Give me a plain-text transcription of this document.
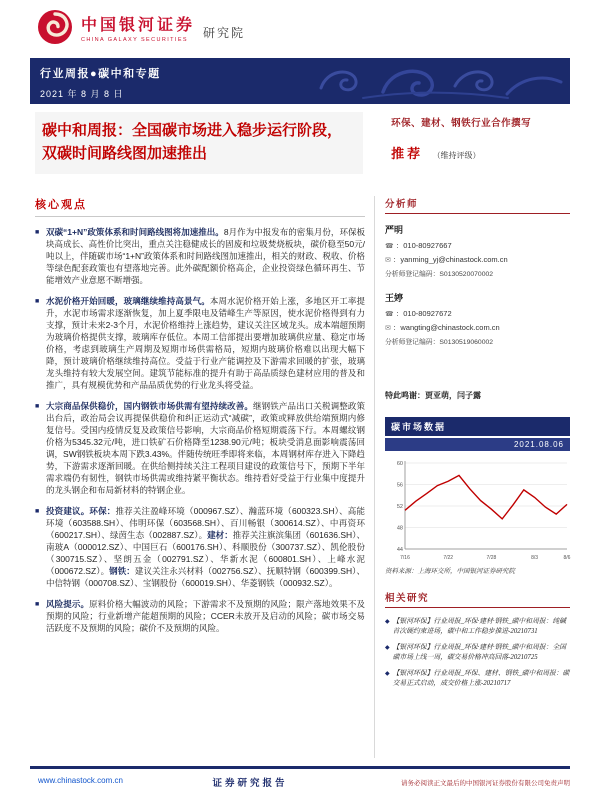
中国银河证券
CHINA GALAXY SECURITIES	研究院
行业周报●碳中和专题
2021 年 8 月 8 日
碳中和周报：全国碳市场进入稳步运行阶段，双碳时间路线图加速推出
环保、建材、钢铁行业合作撰写
推荐 （维持评级）
核心观点
■ 双碳“1+N”政策体系和时间路线图将加速推出。8月作为中报发布的密集月份，环保板块高成长、高性价比突出，重点关注稳健成长的固废和垃圾焚烧板块，碳价稳至50元/吨以上，伴随碳市场“1+N”政策体系和时间路线图加速推出，相关的财政、税收、价格等绿色配套政策也有望落地完善。此外碳配额价格高企，企业投资绿色循环再生、节能增效产业意愿不断增强。
■ 水泥价格开始回暖，玻璃继续维持高景气。本周水泥价格开始上涨，多地区开工率提升，水泥市场需求逐渐恢复，加上夏季限电及错峰生产等原因，使水泥价格得到有力支撑，预计未来2-3个月，水泥价格维持上涨趋势，建议关注区域龙头。成本端超预期为玻璃价格提供支撑，玻璃库存低位。本周工信部提出要增加玻璃供应量、稳定市场价格，考虑到玻璃生产周期及短期市场供需格局，短期内玻璃价格难以出现大幅下降，预计玻璃价格继续维持高位。受益于行业产能调控及下游需求回暖的扩张，玻璃龙头维持有较大发展空间。建筑节能标准的提升有助于高品质绿色建材应用的普及和推广，具有规模优势和产品品质优势的行业龙头将受益。
■ 大宗商品保供稳价，国内钢铁市场供需有望持续改善。继钢铁产品出口关税调整政策出台后，政治局会议再提保供稳价和纠正运动式“减碳”，政策或释放供给端预期内修复信号。受国内疫情反复及政策信号影响，大宗商品价格短期震荡下行。本周螺纹钢价格为5345.32元/吨，进口铁矿石价格降至1238.90元/吨；板块受消息面影响震荡回调，SW钢铁板块本周下跌3.43%。伴随传统旺季即将来临，本周钢材库存进入下降趋势，下游需求逐渐回暖。在供给侧持续关注工程项目建设的政策信号下，预期下半年需求端仍有韧性，钢铁市场供需或维持紧平衡状态。维持看好受益于行业集中度提升的龙头钢企和布局新材料的特钢企业。
■ 投资建议。环保：推荐关注盈峰环境（000967.SZ）、瀚蓝环境（600323.SH）、高能环境（603588.SH）、伟明环保（603568.SH）、百川畅银（300614.SZ）、中再资环（600217.SH）、绿茵生态（002887.SZ）。建材：推荐关注旗滨集团（601636.SH）、南玻A（000012.SZ）、中国巨石（600176.SH）、科顺股份（300737.SZ）、凯伦股份（300715.SZ）、坚朗五金（002791.SZ）、华新水泥（600801.SH）、上峰水泥（000672.SZ）。钢铁：建议关注永兴材料（002756.SZ）、抚顺特钢（600399.SH）、中信特钢（000708.SZ）、宝钢股份（600019.SH）、华菱钢铁（000932.SZ）。
■ 风险提示。原料价格大幅波动的风险；下游需求不及预期的风险；限产落地效果不及预期的风险；行业新增产能超预期的风险；CCER未放开及启动的风险；碳市场交易活跃度不及预期的风险；碳价不及预期的风险。
分析师
严明
☎ ：010-80927667
✉ ：yanming_yj@chinastock.com.cn
分析师登记编码：S0130520070002
王婷
☎ ：010-80927672
✉ ：wangting@chinastock.com.cn
分析师登记编码：S0130519060002
特此鸣谢：贾亚萌，闫子露
碳市场数据
2021.08.06
44
48
52
56
60
7/16	7/22	7/28	8/3	8/6
资料来源：上海环交所，中国银河证券研究院
相关研究
◆ 【银河环保】行业周报_环保·建材·钢铁_碳中和周报：纯碱首次硬约束进场，碳中和工作稳步推进-20210731
◆ 【银河环保】行业周报_环保·建材·钢铁_碳中和周报：全国碳市场上线一周，碳交易价格冲高回落-20210725
◆ 【银河环保】行业周报_环保、建材、钢铁_碳中和周报：碳交易正式启动，成交价格上涨-20210717
www.chinastock.com.cn	证券研究报告	请务必阅读正文最后的中国银河证券股份有限公司免责声明
